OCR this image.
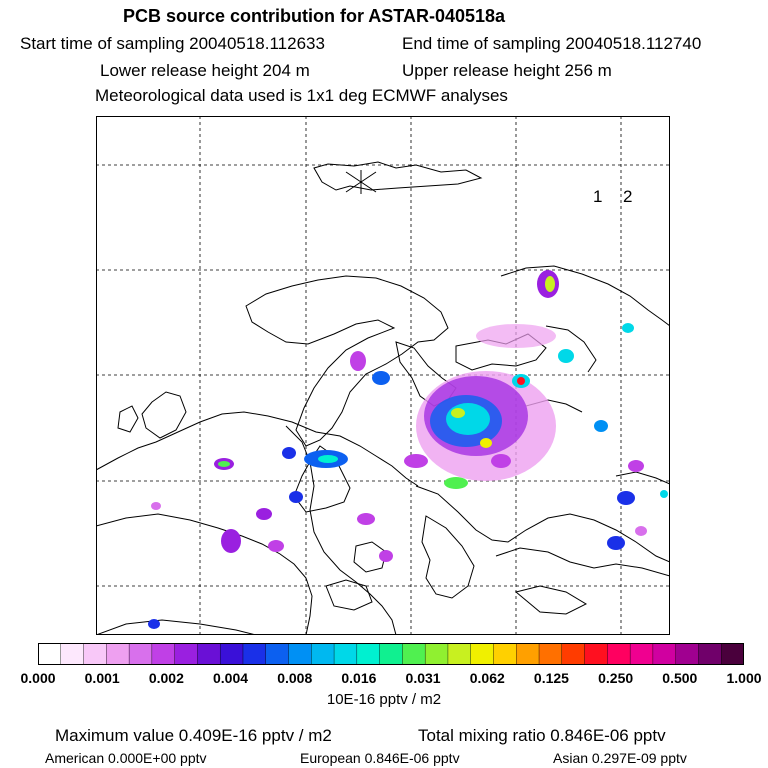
PCB source contribution for ASTAR-040518a
Start time of sampling 20040518.112633	End time of sampling 20040518.112740
Lower release height 204 m	Upper release height 256 m
Meteorological data used is 1x1 deg ECMWF analyses
1 2
0.000 0.001 0.002 0.004 0.008 0.016 0.031 0.062 0.125 0.250 0.500 1.000
10E-16 pptv / m2
Maximum value 0.409E-16 pptv / m2	Total mixing ratio 0.846E-06 pptv
American 0.000E+00 pptv	European 0.846E-06 pptv	Asian 0.297E-09 pptv
